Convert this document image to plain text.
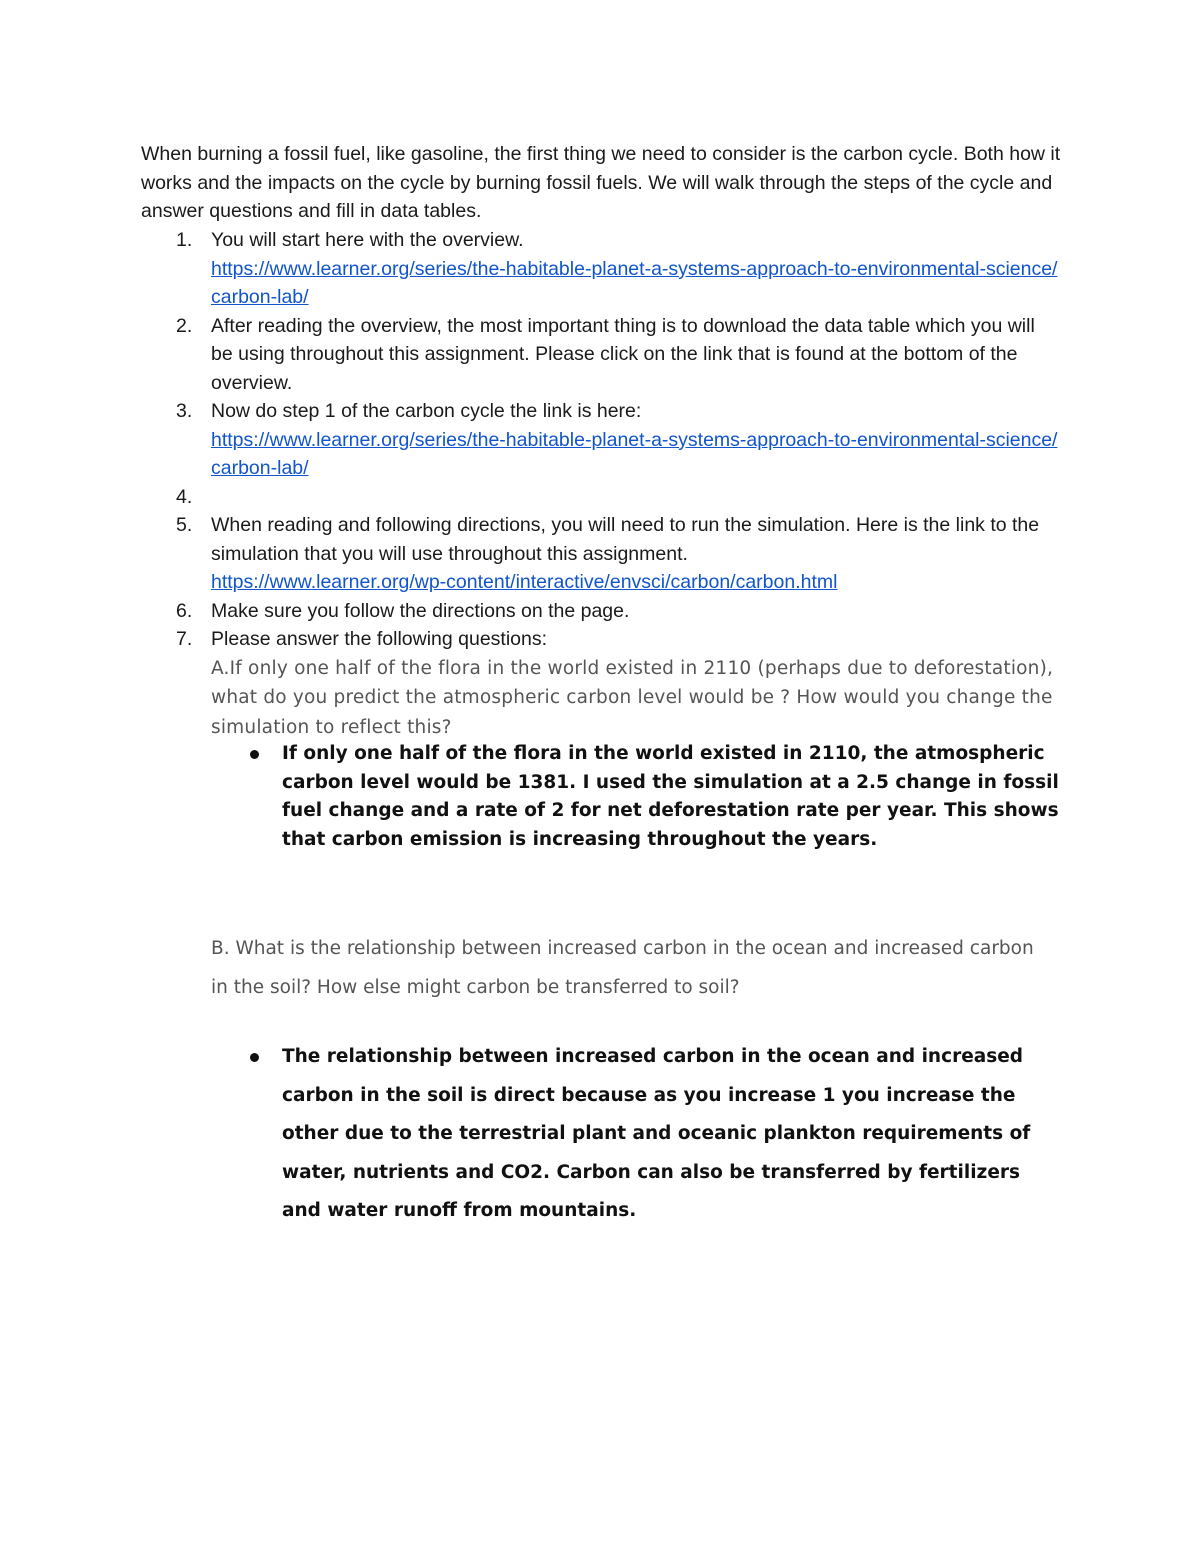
When burning a fossil fuel, like gasoline, the first thing we need to consider is the carbon cycle. Both how it works and the impacts on the cycle by burning fossil fuels. We will walk through the steps of the cycle and answer questions and fill in data tables.

1. You will start here with the overview.
https://www.learner.org/series/the-habitable-planet-a-systems-approach-to-environmental-science/carbon-lab/
2. After reading the overview, the most important thing is to download the data table which you will be using throughout this assignment. Please click on the link that is found at the bottom of the overview.
3. Now do step 1 of the carbon cycle the link is here:
https://www.learner.org/series/the-habitable-planet-a-systems-approach-to-environmental-science/carbon-lab/
4.

5. When reading and following directions, you will need to run the simulation. Here is the link to the simulation that you will use throughout this assignment.
https://www.learner.org/wp-content/interactive/envsci/carbon/carbon.html
6. Make sure you follow the directions on the page.
7. Please answer the following questions:
A.If only one half of the flora in the world existed in 2110 (perhaps due to deforestation), what do you predict the atmospheric carbon level would be ? How would you change the simulation to reflect this?
If only one half of the flora in the world existed in 2110, the atmospheric carbon level would be 1381. I used the simulation at a 2.5 change in fossil fuel change and a rate of 2 for net deforestation rate per year. This shows that carbon emission is increasing throughout the years.
B. What is the relationship between increased carbon in the ocean and increased carbon in the soil? How else might carbon be transferred to soil?
The relationship between increased carbon in the ocean and increased carbon in the soil is direct because as you increase 1 you increase the other due to the terrestrial plant and oceanic plankton requirements of water, nutrients and CO2. Carbon can also be transferred by fertilizers and water runoff from mountains.
